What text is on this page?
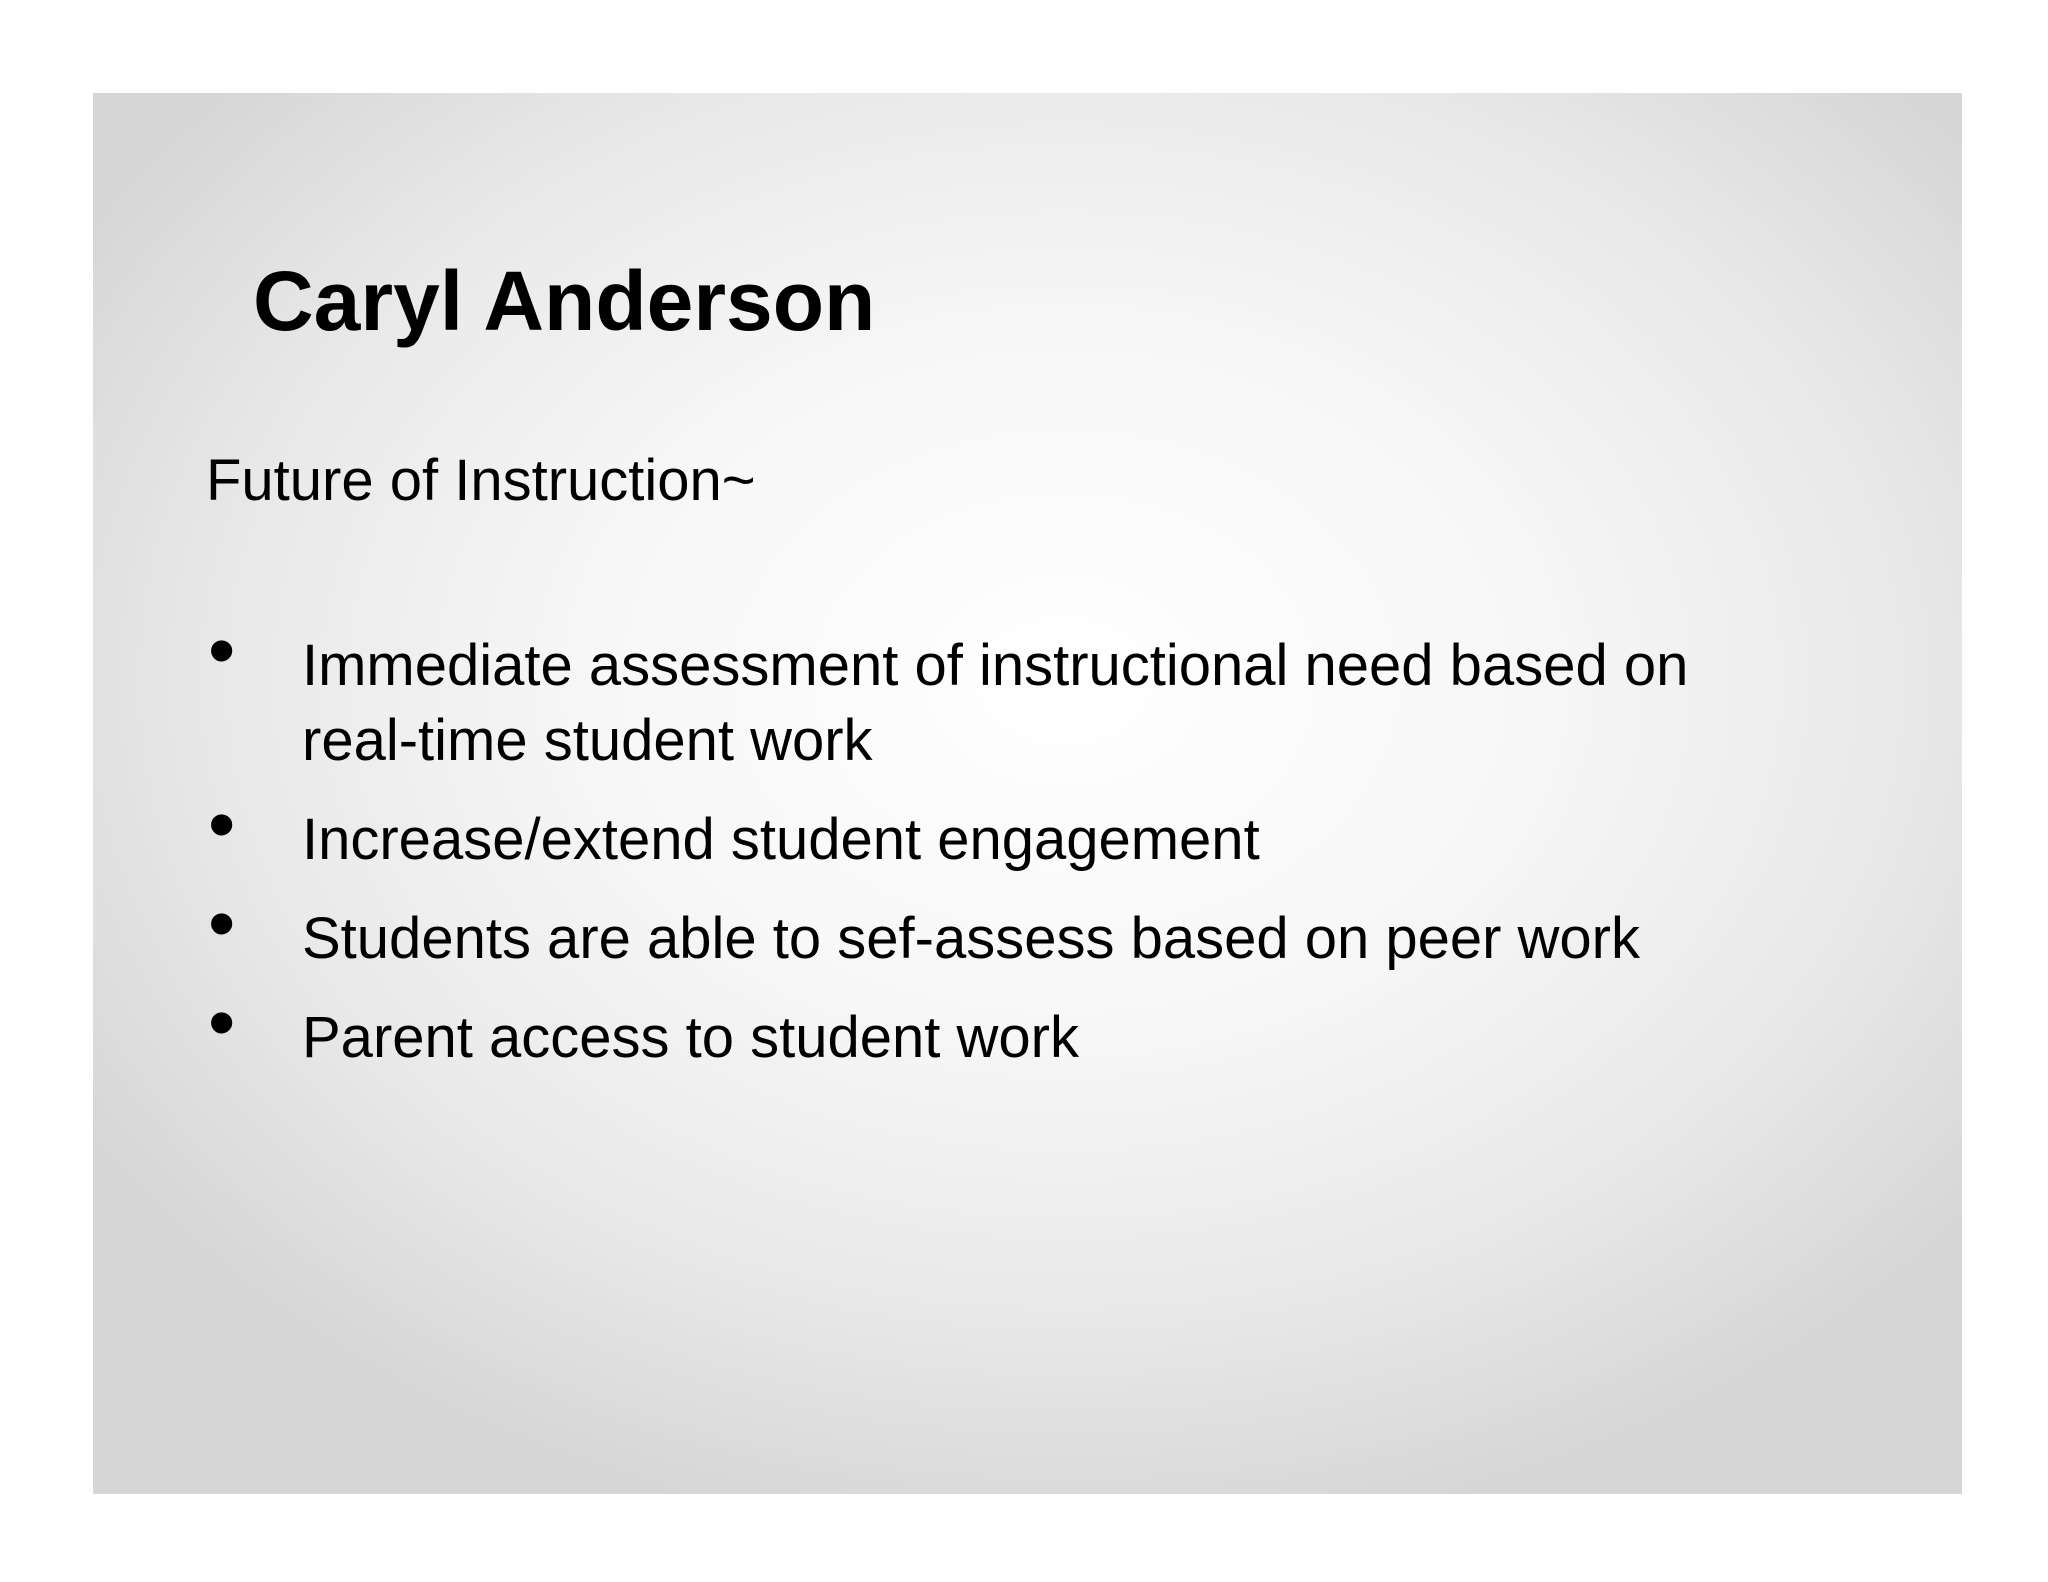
Caryl Anderson

Future of Instruction~

•	Immediate assessment of instructional need based on
real-time student work
•	Increase/extend student engagement
•	Students are able to sef-assess based on peer work
•	Parent access to student work
